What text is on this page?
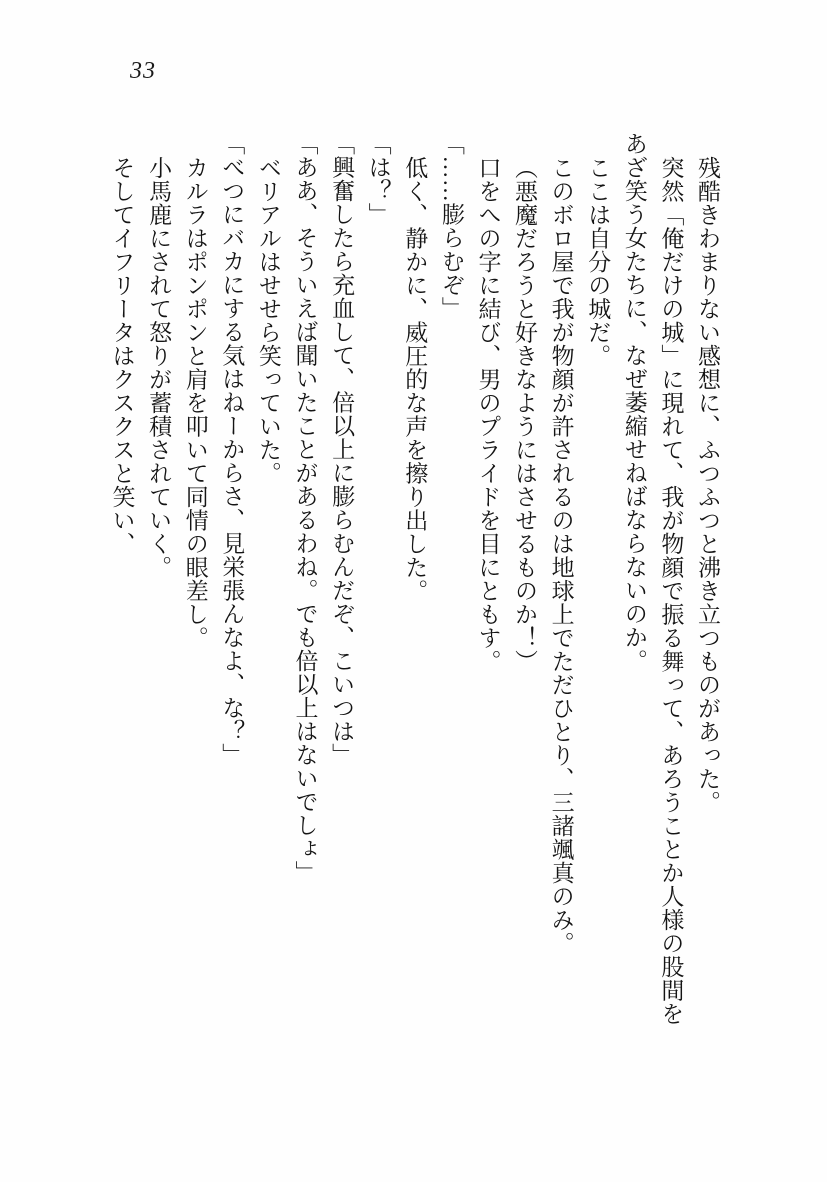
33
残酷きわまりない感想に、ふつふつと沸き立つものがあった。
突然「俺だけの城」に現れて、我が物顔で振る舞って、あろうことか人様の股間を
あざ笑う女たちに、なぜ萎縮せねばならないのか。
ここは自分の城だ。
このボロ屋で我が物顔が許されるのは地球上でただひとり、三諸颯真のみ。
（悪魔だろうと好きなようにはさせるものか！）
口をへの字に結び、男のプライドを目にともす。
「……膨らむぞ」
低く、静かに、威圧的な声を擦り出した。
「は？」
「興奮したら充血して、倍以上に膨らむんだぞ、こいつは」
「ああ、そういえば聞いたことがあるわね。でも倍以上はないでしょ」
ベリアルはせせら笑っていた。
「べつにバカにする気はねーからさ、見栄張んなよ、な？」
カルラはポンポンと肩を叩いて同情の眼差し。
小馬鹿にされて怒りが蓄積されていく。
そしてイフリータはクスクスと笑い、
